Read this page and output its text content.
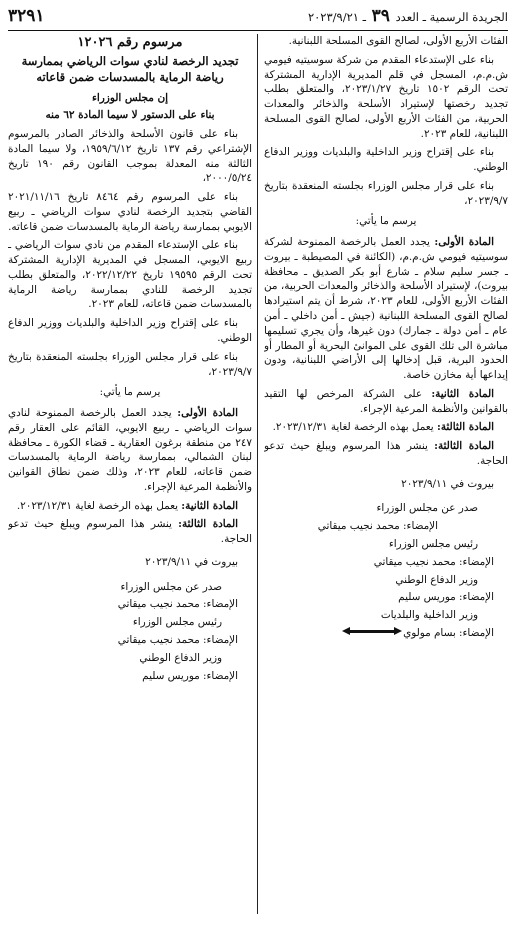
الجريدة الرسمية ـ العدد ٣٩ ـ ٢٠٢٣/٩/٢١
٣٢٩١

الفئات الأربع الأولى، لصالح القوى المسلحة اللبنانية.

بناء على الإستدعاء المقدم من شركة سوسيتيه فيومي ش.م.م، المسجل في قلم المديرية الإدارية المشتركة تحت الرقم ١٥٠٢ تاريخ ٢٠٢٣/١/٢٧، والمتعلق بطلب تجديد رخصتها لإستيراد الأسلحة والذخائر والمعدات الحربية، من الفئات الأربع الأولى، لصالح القوى المسلحة اللبنانية، للعام ٢٠٢٣.

بناء على إقتراح وزير الداخلية والبلديات ووزير الدفاع الوطني.

بناء على قرار مجلس الوزراء بجلسته المنعقدة بتاريخ ٢٠٢٣/٩/٧،

يرسم ما يأتي:

المادة الأولى: يجدد العمل بالرخصة الممنوحة لشركة سوسيتيه فيومي ش.م.م، (الكائنة في المصيطبة ـ بيروت ـ جسر سليم سلام ـ شارع أبو بكر الصديق ـ محافظة بيروت)، لإستيراد الأسلحة والذخائر والمعدات الحربية، من الفئات الأربع الأولى، للعام ٢٠٢٣، شرط أن يتم استيرادها لصالح القوى المسلحة اللبنانية (جيش ـ أمن داخلي ـ أمن عام ـ أمن دولة ـ جمارك) دون غيرها، وأن يجري تسليمها مباشرة الى تلك القوى على الموانئ البحرية أو المطار أو الحدود البرية، قبل إدخالها إلى الأراضي اللبنانية، ودون إيداعها أية مخازن خاصة.

المادة الثانية: على الشركة المرخص لها التقيد بالقوانين والأنظمة المرعية الإجراء.

المادة الثالثة: يعمل بهذه الرخصة لغاية ٢٠٢٣/١٢/٣١.

المادة الثالثة: ينشر هذا المرسوم ويبلغ حيث تدعو الحاجة.

بيروت في ٢٠٢٣/٩/١١

صدر عن مجلس الوزراء

الإمضاء: محمد نجيب ميقاتي

رئيس مجلس الوزراء

الإمضاء: محمد نجيب ميقاتي

وزير الدفاع الوطني

الإمضاء: موريس سليم

وزير الداخلية والبلديات

الإمضاء: بسام مولوي

مرسوم رقم ١٢٠٢٦
تجديد الرخصة لنادي سوات الرياضي بممارسة رياضة الرماية بالمسدسات ضمن قاعاته
إن مجلس الوزراء
بناء على الدستور لا سيما المادة ٦٢ منه

بناء على قانون الأسلحة والذخائر الصادر بالمرسوم الإشتراعي رقم ١٣٧ تاريخ ١٩٥٩/٦/١٢، ولا سيما المادة الثالثة منه المعدلة بموجب القانون رقم ١٩٠ تاريخ ٢٠٠٠/٥/٢٤،

بناء على المرسوم رقم ٨٤٦٤ تاريخ ٢٠٢١/١١/١٦ القاضي بتجديد الرخصة لنادي سوات الرياضي ـ ربيع الايوبي بممارسة رياضة الرماية بالمسدسات ضمن قاعاته.

بناء على الإستدعاء المقدم من نادي سوات الرياضي ـ ربيع الايوبي، المسجل في المديرية الإدارية المشتركة تحت الرقم ١٩٥٩٥ تاريخ ٢٠٢٢/١٢/٢٢، والمتعلق بطلب تجديد الرخصة للنادي بممارسة رياضة الرماية بالمسدسات ضمن قاعاته، للعام ٢٠٢٣.

بناء على إقتراح وزير الداخلية والبلديات ووزير الدفاع الوطني.

بناء على قرار مجلس الوزراء بجلسته المنعقدة بتاريخ ٢٠٢٣/٩/٧،

يرسم ما يأتي:

المادة الأولى: يجدد العمل بالرخصة الممنوحة لنادي سوات الرياضي ـ ربيع الايوبي، القائم على العقار رقم ٢٤٧ من منطقة برغون العقارية ـ قضاء الكورة ـ محافظة لبنان الشمالي، بممارسة رياضة الرماية بالمسدسات ضمن قاعاته، للعام ٢٠٢٣، وذلك ضمن نطاق القوانين والأنظمة المرعية الإجراء.

المادة الثانية: يعمل بهذه الرخصة لغاية ٢٠٢٣/١٢/٣١.

المادة الثالثة: ينشر هذا المرسوم ويبلغ حيث تدعو الحاجة.

بيروت في ٢٠٢٣/٩/١١

صدر عن مجلس الوزراء

الإمضاء: محمد نجيب ميقاتي

رئيس مجلس الوزراء

الإمضاء: محمد نجيب ميقاتي

وزير الدفاع الوطني

الإمضاء: موريس سليم
